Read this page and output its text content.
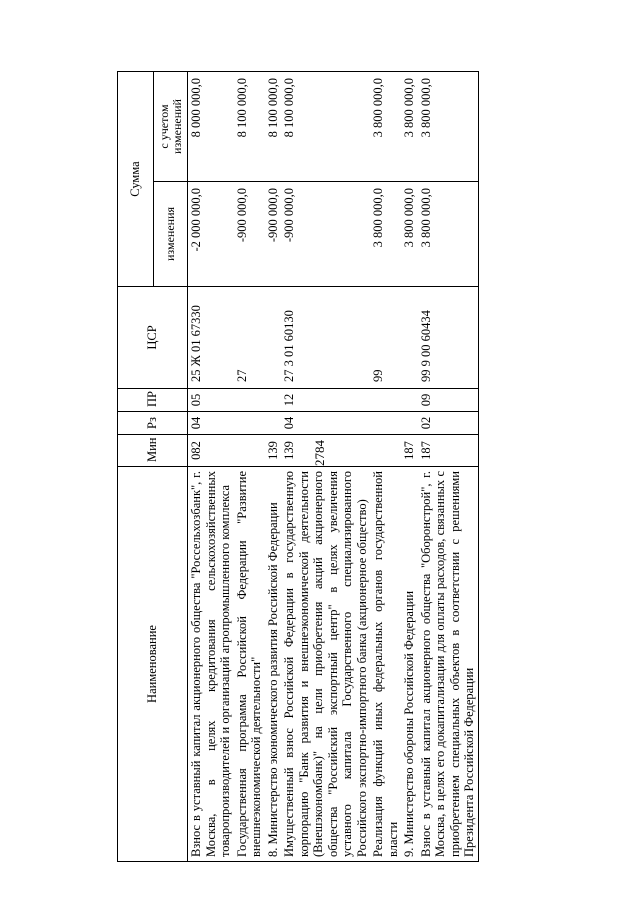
2784
Наименование	Мин	Рз	ПР	ЦСР	Сумма	
					изменения	с учетом изменений
Взнос в уставный капитал акционерного общества "Россельхозбанк", г. Москва, в целях кредитования сельскохозяйственных товаропроизводителей и организаций агропромышленного комплекса	082	04	05	25 Ж 01 67330	-2 000 000,0	8 000 000,0
Государственная программа Российской Федерации "Развитие внешнеэкономической деятельности"				27	-900 000,0	8 100 000,0
8. Министерство экономического развития Российской Федерации	139				-900 000,0	8 100 000,0
Имущественный взнос Российской Федерации в государственную корпорацию "Банк развития и внешнеэкономической деятельности (Внешэкономбанк)" на цели приобретения акций акционерного общества "Российский экспортный центр" в целях увеличения уставного капитала Государственного специализированного Российского экспортно-импортного банка (акционерное общество)	139	04	12	27 3 01 60130	-900 000,0	8 100 000,0
Реализация функций иных федеральных органов государственной власти				99	3 800 000,0	3 800 000,0
9. Министерство обороны Российской Федерации	187				3 800 000,0	3 800 000,0
Взнос в уставный капитал акционерного общества "Оборонстрой", г. Москва, в целях его докапитализации для оплаты расходов, связанных с приобретением специальных объектов в соответствии с решениями Президента Российской Федерации	187	02	09	99 9 00 60434	3 800 000,0	3 800 000,0
